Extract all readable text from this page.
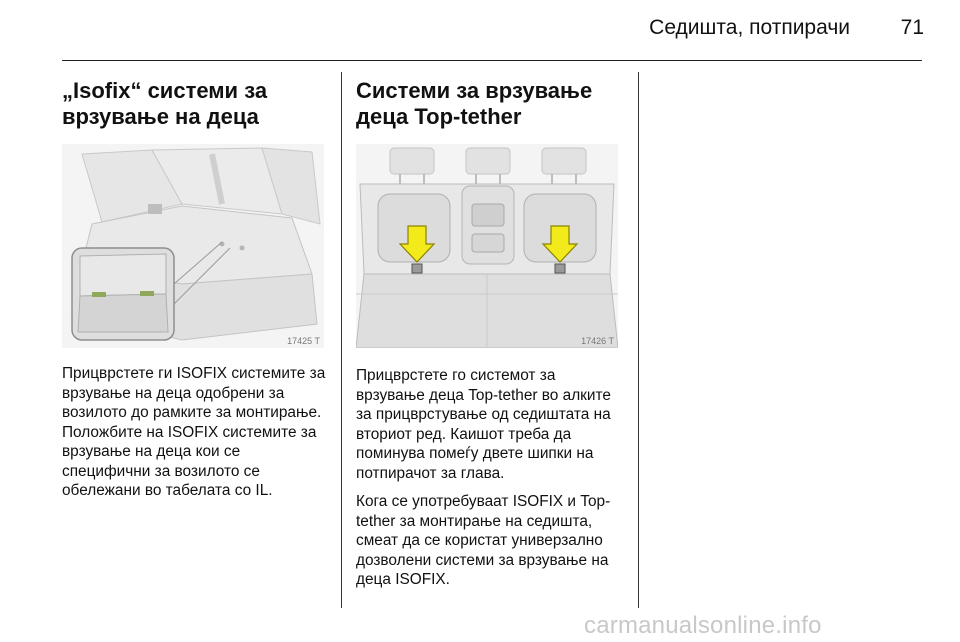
Седишта, потпирачи	71
„Isofix“ системи за
врзување на деца
17425 T

Прицврстете ги ISOFIX системите за врзување на деца одобрени за возилото до рамките за монтирање. Положбите на ISOFIX системите за врзување на деца кои се специфични за возилото се обележани во табелата со IL.

Системи за врзување
деца Top-tether
17426 T

Прицврстете го системот за врзување деца Top-tether во алките за прицврстување од седиштата на вториот ред. Каишот треба да поминува помеѓу двете шипки на потпирачот за глава.

Кога се употребуваат ISOFIX и Top-tether за монтирање на седишта, смеат да се користат универзално дозволени системи за врзување на деца ISOFIX.

carmanualsonline.info
